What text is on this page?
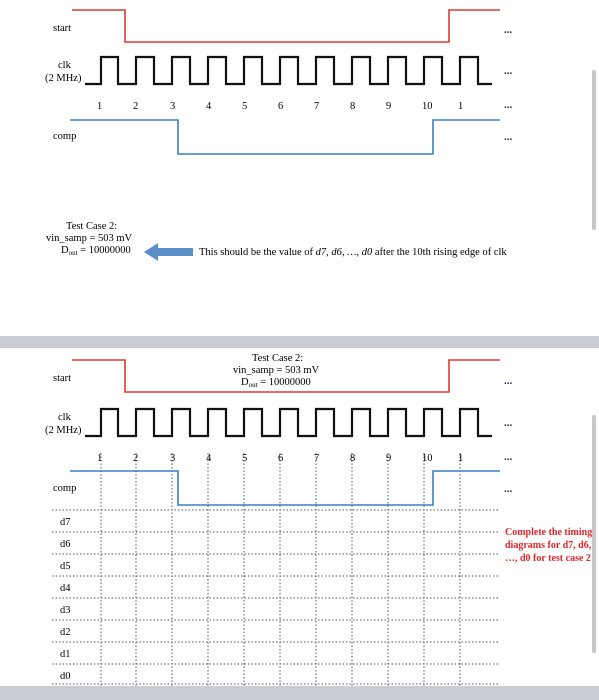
start	...
clk
(2 MHz)
...
1	2	3	4	5	6	7	8	9	10 1	...
comp	...
Test Case 2:
vin_samp = 503 mV
$D_{out} = 10000000$	This should be the value of d7, d6, …, d0 after the 10th rising edge of clk
start	...
clk
(2 MHz)
...
1	2	3	4	5	6	7	8	9	10 1	...
comp	...
d7
d6
d5
d4
d3
d2
d1
d0
Test Case 2:
vin_samp = 503 mV
$D_{out} = 10000000$
Complete the timing diagrams for d7, d6, …, d0 for test case 2
